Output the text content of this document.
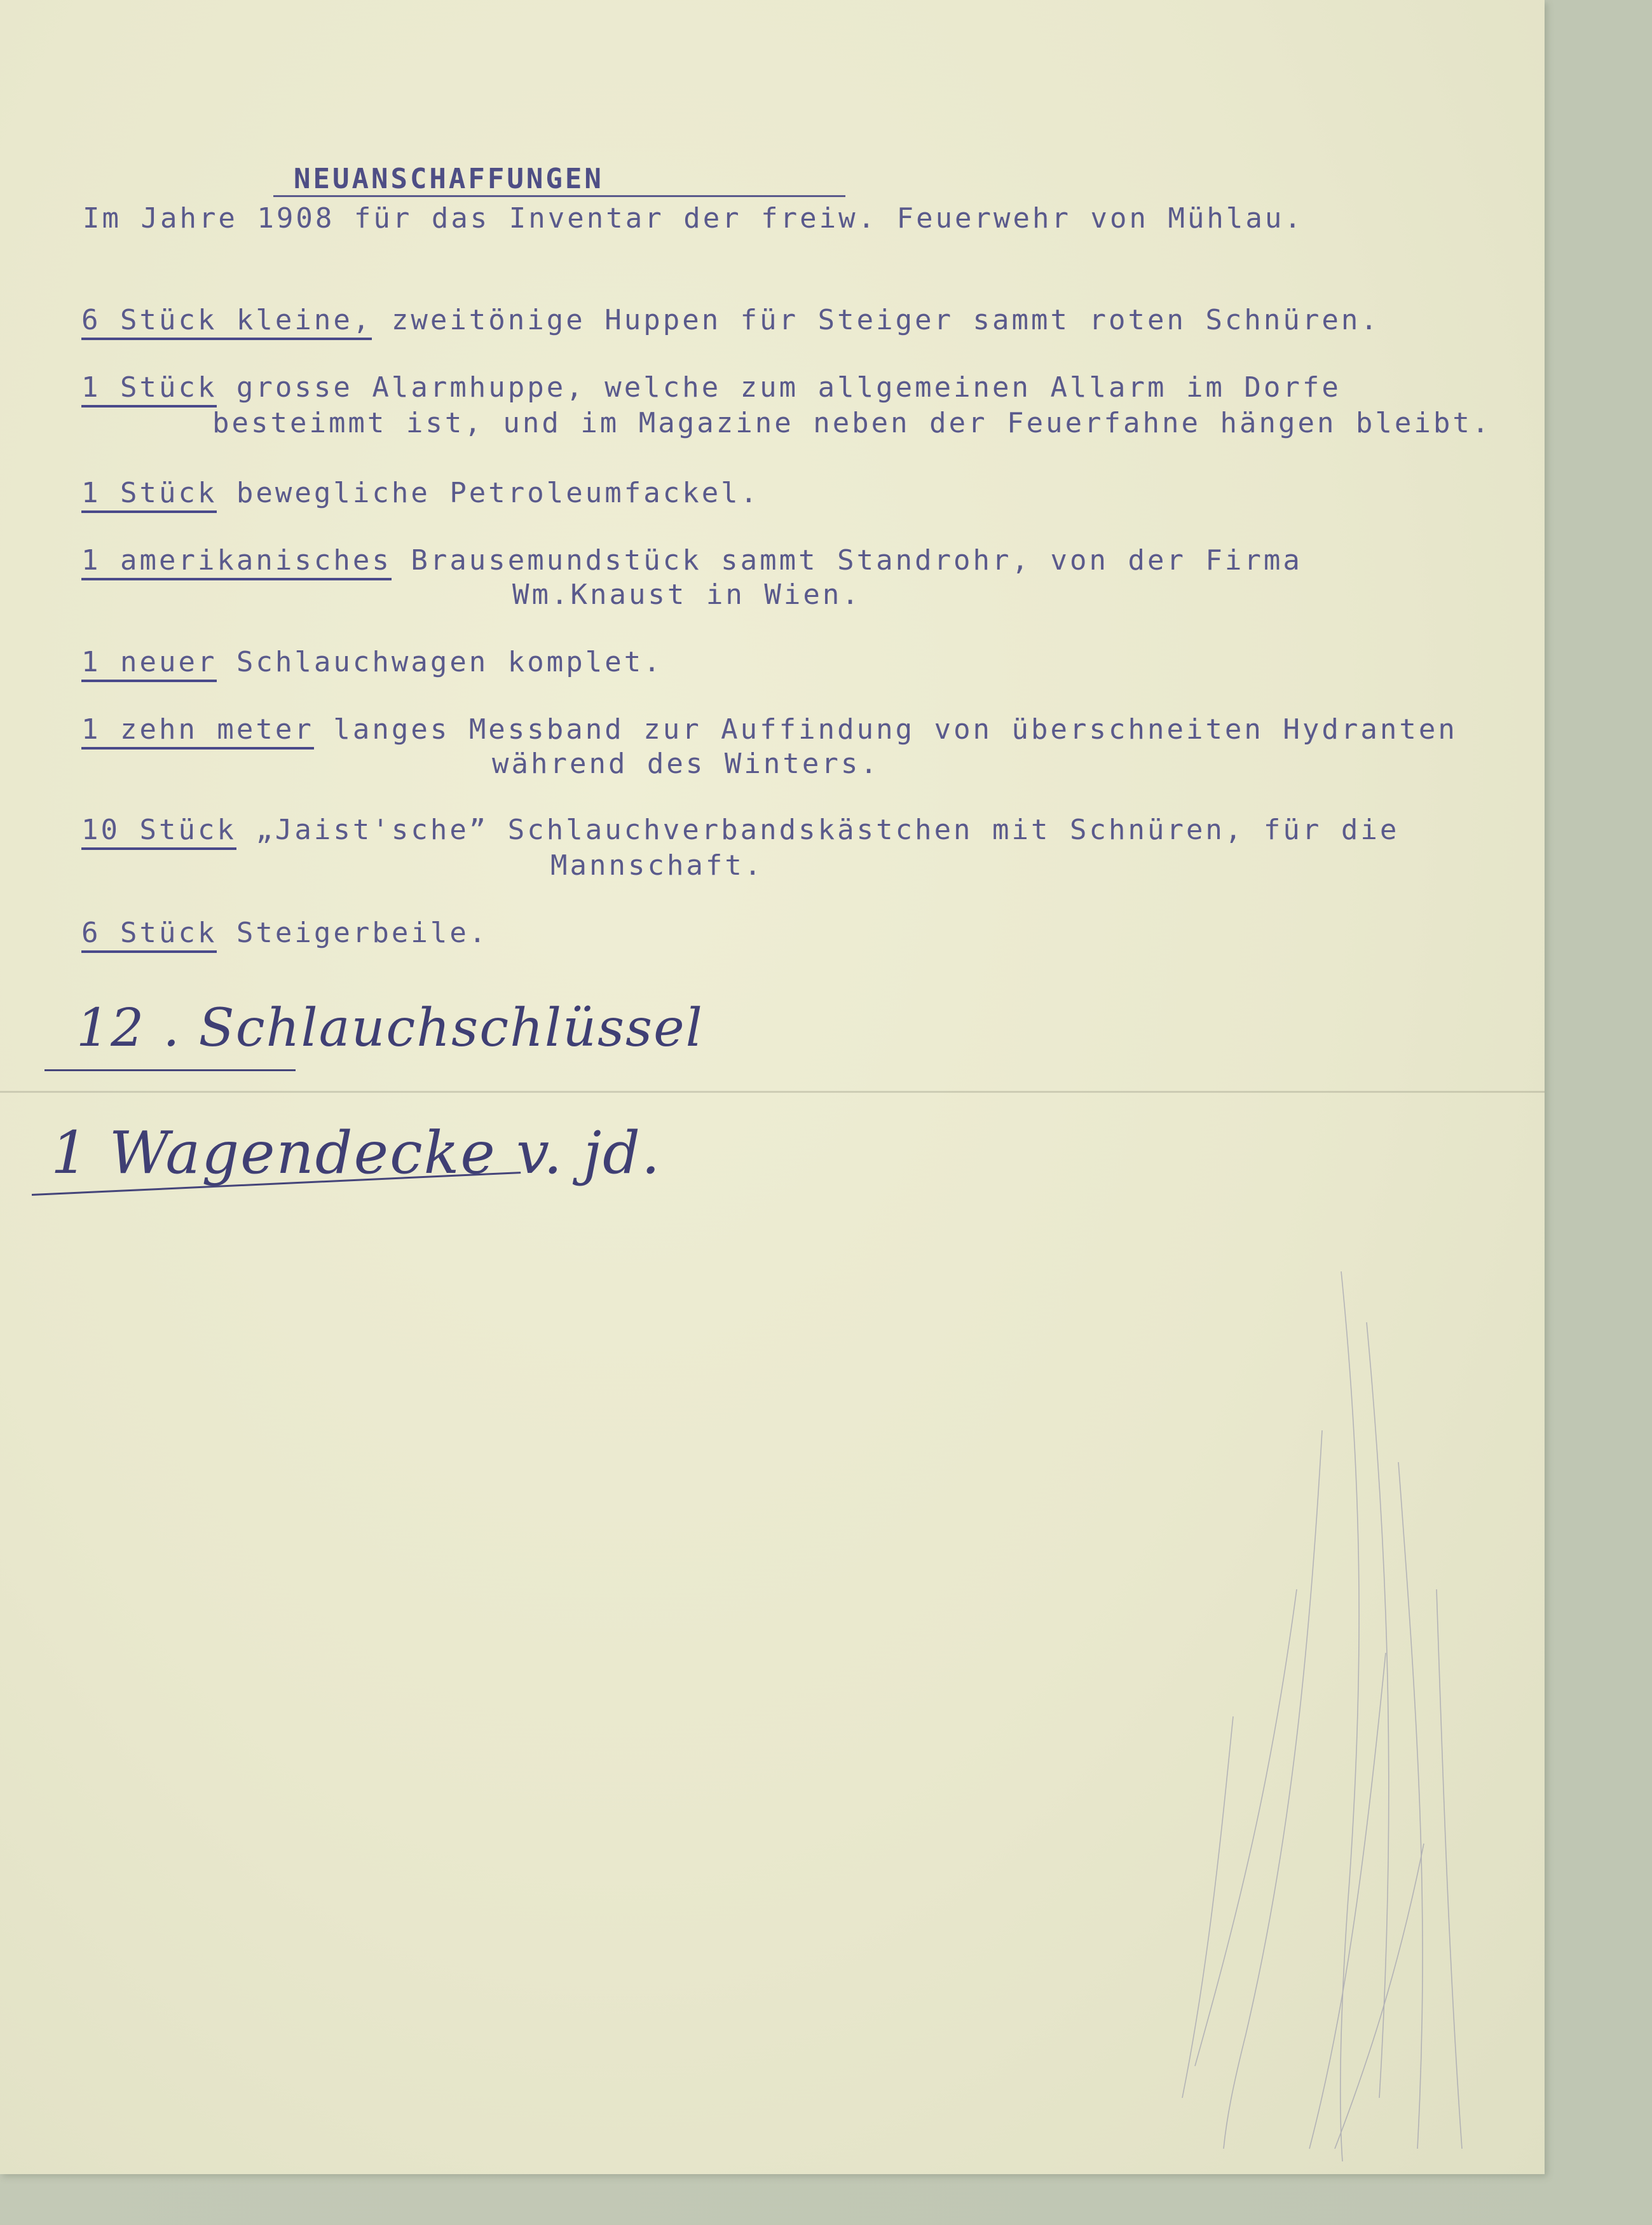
NEUANSCHAFFUNGEN

Im Jahre 1908 für das Inventar der freiw. Feuerwehr von Mühlau.

6 Stück kleine, zweitönige Huppen für Steiger sammt roten Schnüren.

1 Stück grosse Alarmhuppe, welche zum allgemeinen Allarm im Dorfe

besteimmt ist, und im Magazine neben der Feuerfahne hängen bleibt.

1 Stück bewegliche Petroleumfackel.

1 amerikanisches Brausemundstück sammt Standrohr, von der Firma

Wm.Knaust in Wien.

1 neuer Schlauchwagen komplet.

1 zehn meter langes Messband zur Auffindung von überschneiten Hydranten

während des Winters.

10 Stück „Jaist'sche” Schlauchverbandskästchen mit Schnüren, für die

Mannschaft.

6 Stück Steigerbeile.

12 . Schlauchschlüssel
1 Wagendecke v. jd.
